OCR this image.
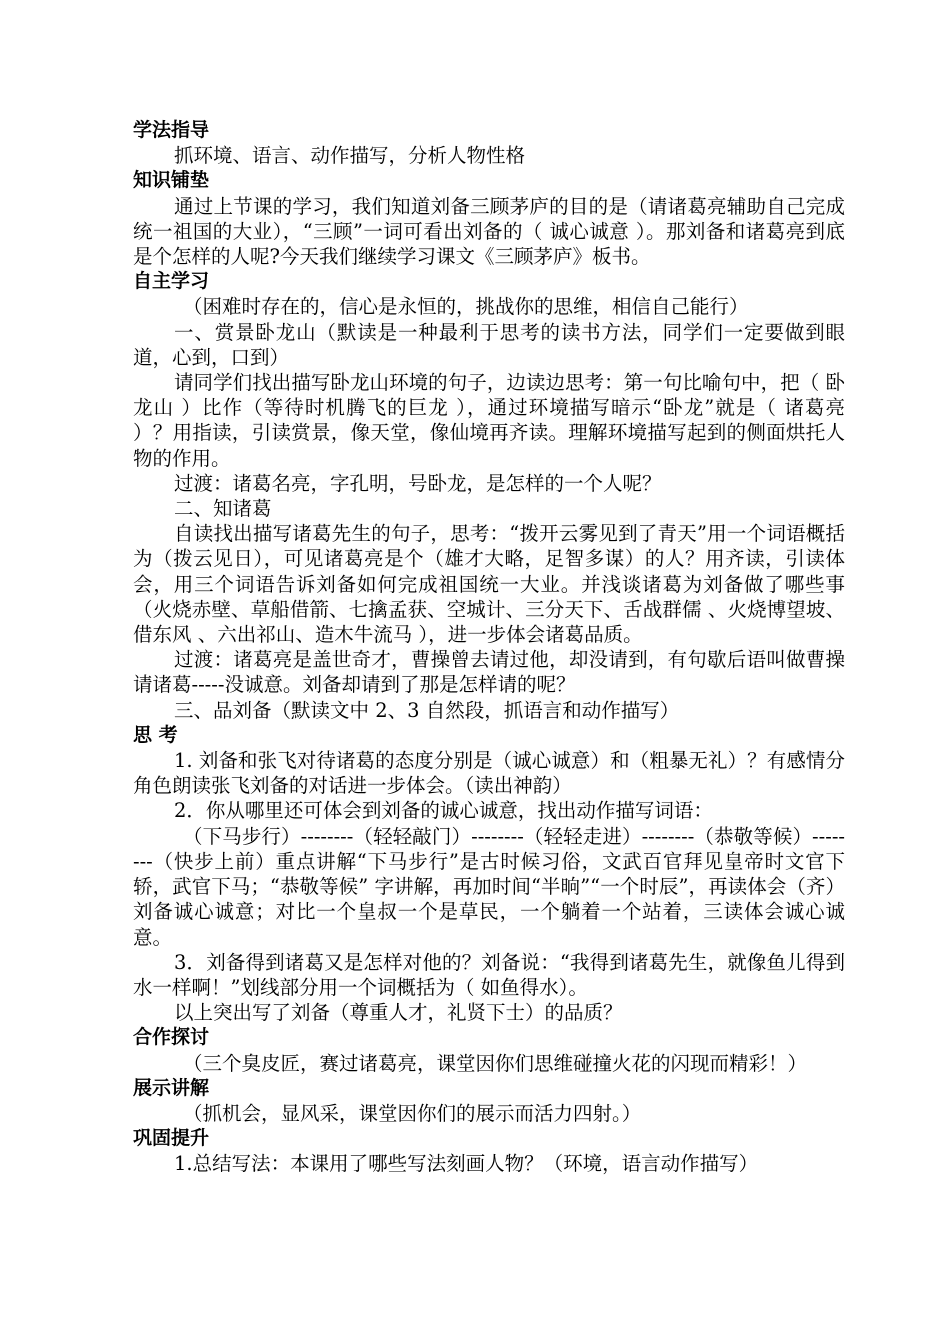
学法指导

抓环境、语言、动作描写，分析人物性格

知识铺垫

通过上节课的学习，我们知道刘备三顾茅庐的目的是（请诸葛亮辅助自己完成统一祖国的大业），“三顾”一词可看出刘备的（ 诚心诚意 ）。那刘备和诸葛亮到底是个怎样的人呢?今天我们继续学习课文《三顾茅庐》板书。

自主学习

（困难时存在的，信心是永恒的，挑战你的思维，相信自己能行）

一、赏景卧龙山（默读是一种最利于思考的读书方法，同学们一定要做到眼道，心到，口到）

请同学们找出描写卧龙山环境的句子，边读边思考：第一句比喻句中，把（ 卧龙山 ）比作（等待时机腾飞的巨龙 ），通过环境描写暗示“卧龙”就是（ 诸葛亮 ）？用指读，引读赏景，像天堂，像仙境再齐读。理解环境描写起到的侧面烘托人物的作用。

过渡：诸葛名亮，字孔明，号卧龙，是怎样的一个人呢？

二、知诸葛

自读找出描写诸葛先生的句子，思考：“拨开云雾见到了青天”用一个词语概括为（拨云见日），可见诸葛亮是个（雄才大略，足智多谋）的人？用齐读，引读体会，用三个词语告诉刘备如何完成祖国统一大业。并浅谈诸葛为刘备做了哪些事（火烧赤壁、草船借箭、七擒孟获、空城计、三分天下、舌战群儒 、火烧博望坡、借东风 、六出祁山、造木牛流马 ），进一步体会诸葛品质。

过渡：诸葛亮是盖世奇才，曹操曾去请过他，却没请到，有句歇后语叫做曹操请诸葛-----没诚意。刘备却请到了那是怎样请的呢？

三、品刘备（默读文中 2、3 自然段，抓语言和动作描写）

思 考

1. 刘备和张飞对待诸葛的态度分别是（诚心诚意）和（粗暴无礼）？有感情分角色朗读张飞刘备的对话进一步体会。（读出神韵）

2．你从哪里还可体会到刘备的诚心诚意，找出动作描写词语：

（下马步行）--------（轻轻敲门）--------（轻轻走进）--------（恭敬等候）--------（快步上前）重点讲解“下马步行”是古时候习俗，文武百官拜见皇帝时文官下轿，武官下马；“恭敬等候” 字讲解，再加时间“半晌”“一个时辰”，再读体会（齐）刘备诚心诚意；对比一个皇叔一个是草民，一个躺着一个站着，三读体会诚心诚意。

3．刘备得到诸葛又是怎样对他的？刘备说：“我得到诸葛先生，就像鱼儿得到水一样啊！”划线部分用一个词概括为（ 如鱼得水）。

以上突出写了刘备（尊重人才，礼贤下士）的品质？

合作探讨

（三个臭皮匠，赛过诸葛亮，课堂因你们思维碰撞火花的闪现而精彩！）

展示讲解

（抓机会，显风采，课堂因你们的展示而活力四射。）

巩固提升

1.总结写法：本课用了哪些写法刻画人物？（环境，语言动作描写）
